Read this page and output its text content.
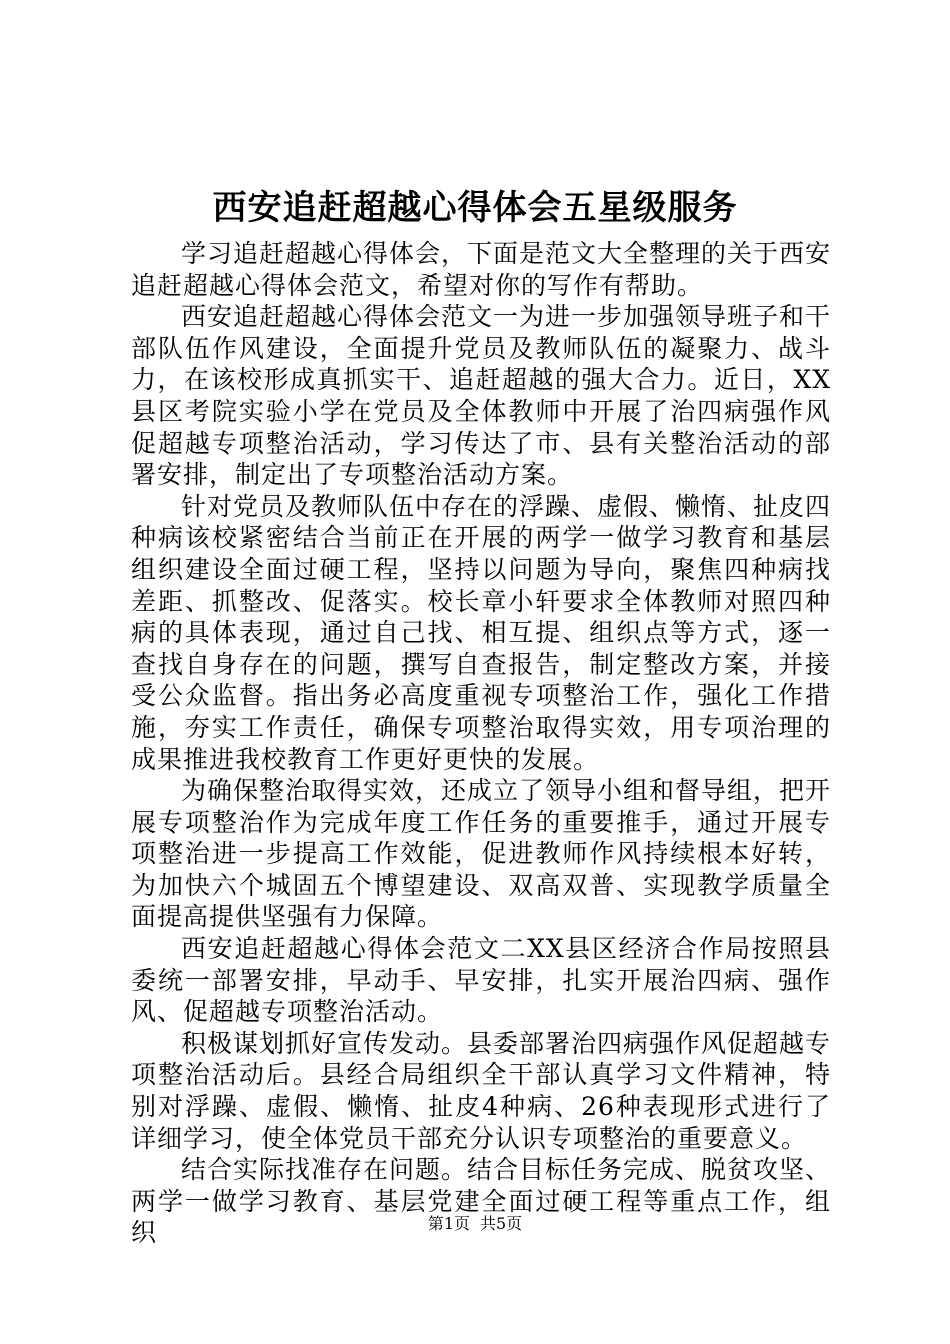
西安追赶超越心得体会五星级服务

学习追赶超越心得体会，下面是范文大全整理的关于西安追赶超越心得体会范文，希望对你的写作有帮助。

西安追赶超越心得体会范文一为进一步加强领导班子和干部队伍作风建设，全面提升党员及教师队伍的凝聚力、战斗力，在该校形成真抓实干、追赶超越的强大合力。近日，XX县区考院实验小学在党员及全体教师中开展了治四病强作风促超越专项整治活动，学习传达了市、县有关整治活动的部署安排，制定出了专项整治活动方案。

针对党员及教师队伍中存在的浮躁、虚假、懒惰、扯皮四种病该校紧密结合当前正在开展的两学一做学习教育和基层组织建设全面过硬工程，坚持以问题为导向，聚焦四种病找差距、抓整改、促落实。校长章小轩要求全体教师对照四种病的具体表现，通过自己找、相互提、组织点等方式，逐一查找自身存在的问题，撰写自查报告，制定整改方案，并接受公众监督。指出务必高度重视专项整治工作，强化工作措施，夯实工作责任，确保专项整治取得实效，用专项治理的成果推进我校教育工作更好更快的发展。

为确保整治取得实效，还成立了领导小组和督导组，把开展专项整治作为完成年度工作任务的重要推手，通过开展专项整治进一步提高工作效能，促进教师作风持续根本好转，为加快六个城固五个博望建设、双高双普、实现教学质量全面提高提供坚强有力保障。

西安追赶超越心得体会范文二XX县区经济合作局按照县委统一部署安排，早动手、早安排，扎实开展治四病、强作风、促超越专项整治活动。

积极谋划抓好宣传发动。县委部署治四病强作风促超越专项整治活动后。县经合局组织全干部认真学习文件精神，特别对浮躁、虚假、懒惰、扯皮4种病、26种表现形式进行了详细学习，使全体党员干部充分认识专项整治的重要意义。

结合实际找准存在问题。结合目标任务完成、脱贫攻坚、两学一做学习教育、基层党建全面过硬工程等重点工作，组织	第1页 共5页
